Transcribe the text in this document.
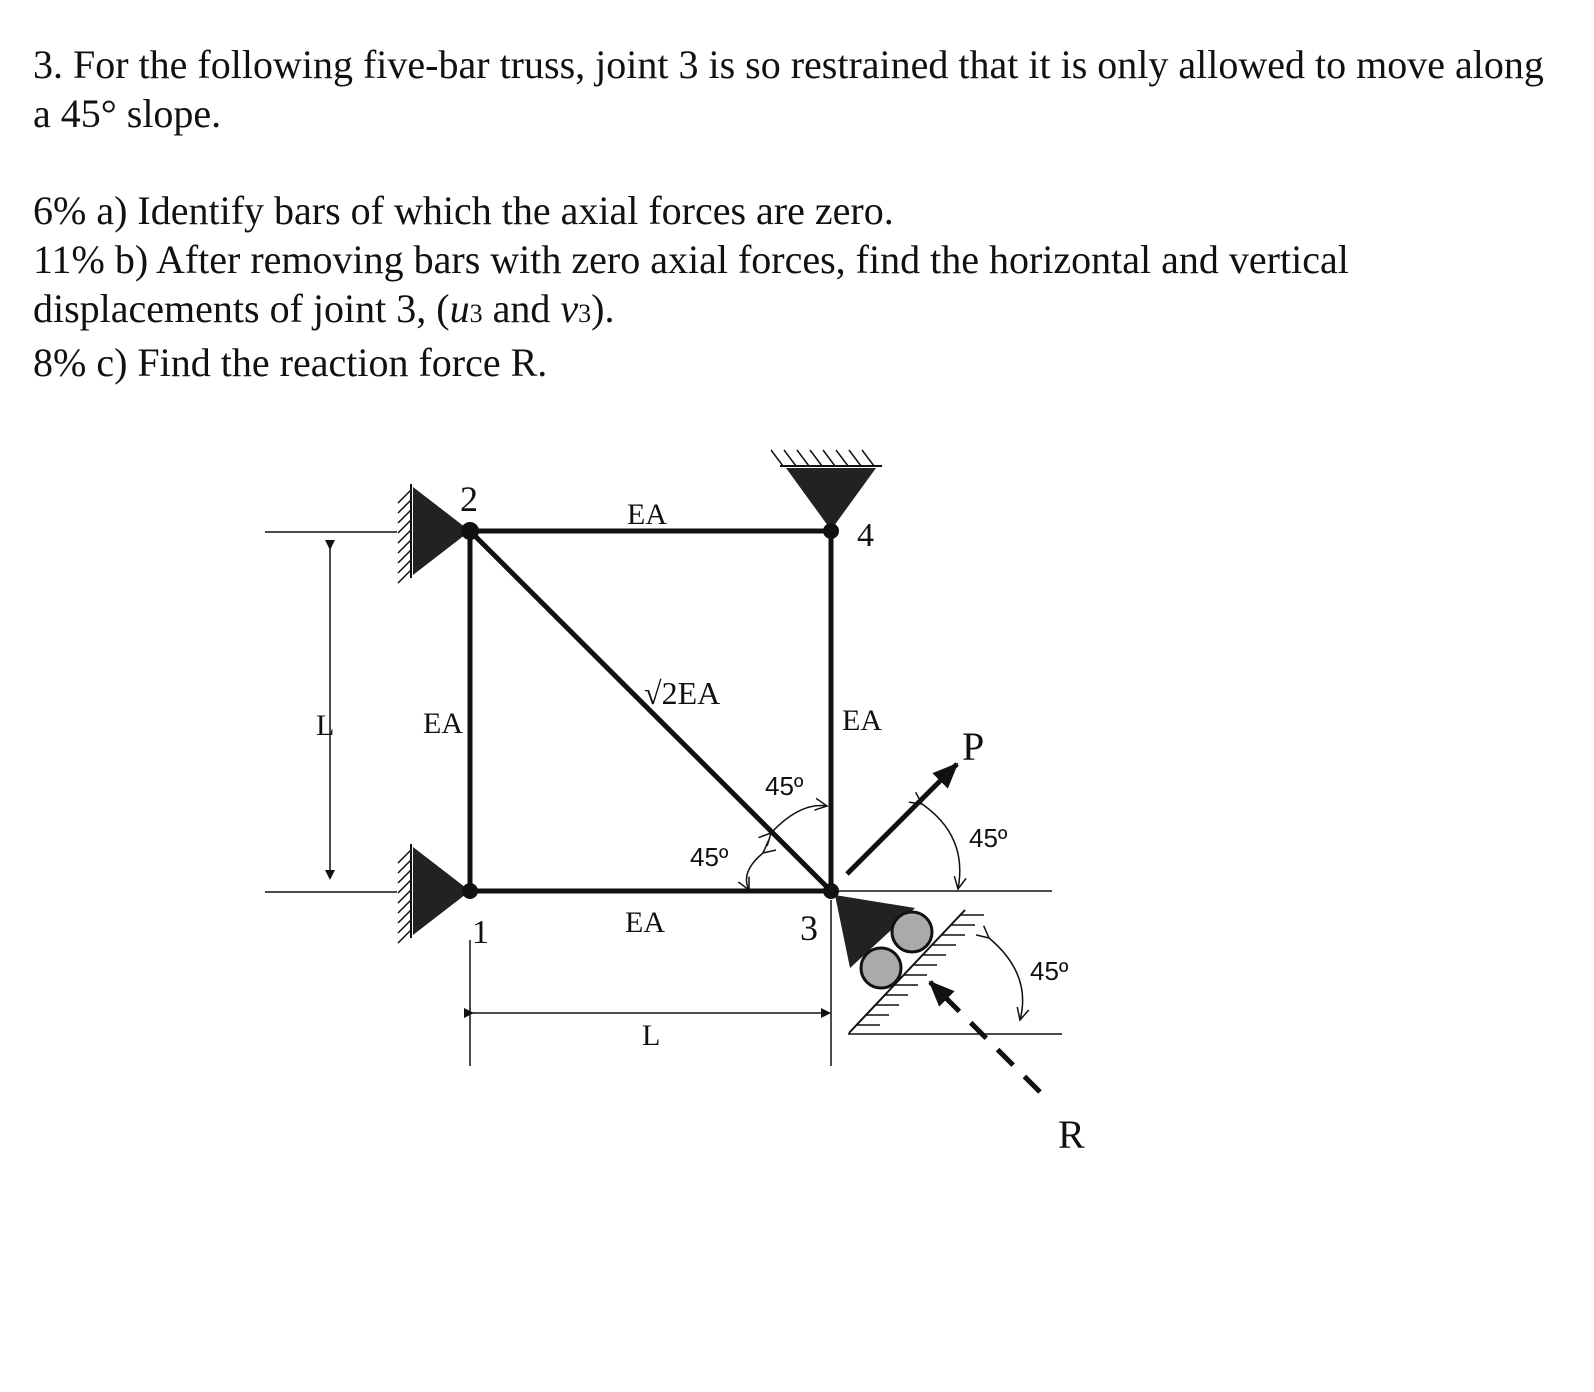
3. For the following five-bar truss, joint 3 is so restrained that it is only allowed to move along a 45° slope.

6% a) Identify bars of which the axial forces are zero.

11% b) After removing bars with zero axial forces, find the horizontal and vertical displacements of joint 3, (u3 and v3).

8% c) Find the reaction force R.

L
L
2
4
1	3
EA
EA
√2EA
EA
EA
45º
45º
45º
45º
P
R
